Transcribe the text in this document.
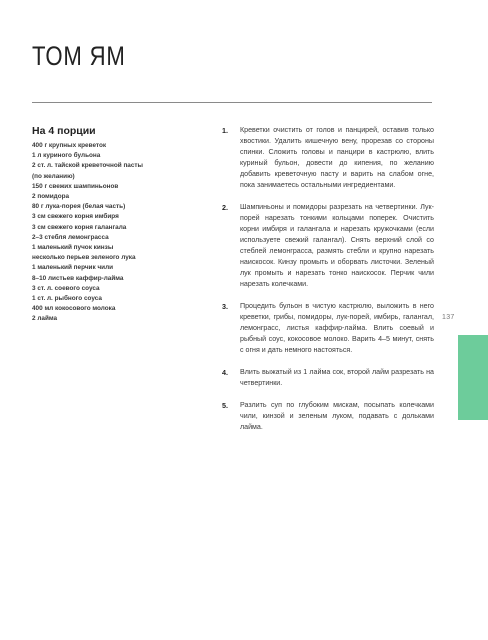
ТОМ ЯМ
На 4 порции
400 г крупных креветок
1 л куриного бульона
2 ст. л. тайской креветочной пасты
(по желанию)
150 г свежих шампиньонов
2 помидора
80 г лука-порея (белая часть)
3 см свежего корня имбиря
3 см свежего корня галангала
2–3 стебля лемонграсса
1 маленький пучок кинзы
несколько перьев зеленого лука
1 маленький перчик чили
8–10 листьев каффир-лайма
3 ст. л. соевого соуса
1 ст. л. рыбного соуса
400 мл кокосового молока
2 лайма
1. Креветки очистить от голов и панцирей, оставив только хвостики. Удалить кишечную вену, прорезав со стороны спинки. Сложить головы и панцири в кастрюлю, влить куриный бульон, довести до кипения, по желанию добавить креветочную пасту и варить на слабом огне, пока занимаетесь остальными ингредиентами.

2. Шампиньоны и помидоры разрезать на четвертинки. Лук-порей нарезать тонкими кольцами поперек. Очистить корни имбиря и галангала и нарезать кружочками (если используете свежий галангал). Снять верхний слой со стеблей лемонграсса, размять стебли и крупно нарезать наискосок. Кинзу промыть и оборвать листочки. Зеленый лук промыть и нарезать тонко наискосок. Перчик чили нарезать колечками.

3. Процедить бульон в чистую кастрюлю, выложить в него креветки, грибы, помидоры, лук-порей, имбирь, галангал, лемонграсс, листья каффир-лайма. Влить соевый и рыбный соус, кокосовое молоко. Варить 4–5 минут, снять с огня и дать немного настояться.

4. Влить выжатый из 1 лайма сок, второй лайм разрезать на четвертинки.

5. Разлить суп по глубоким мискам, посыпать колечками чили, кинзой и зеленым луком, подавать с дольками лайма.

137
